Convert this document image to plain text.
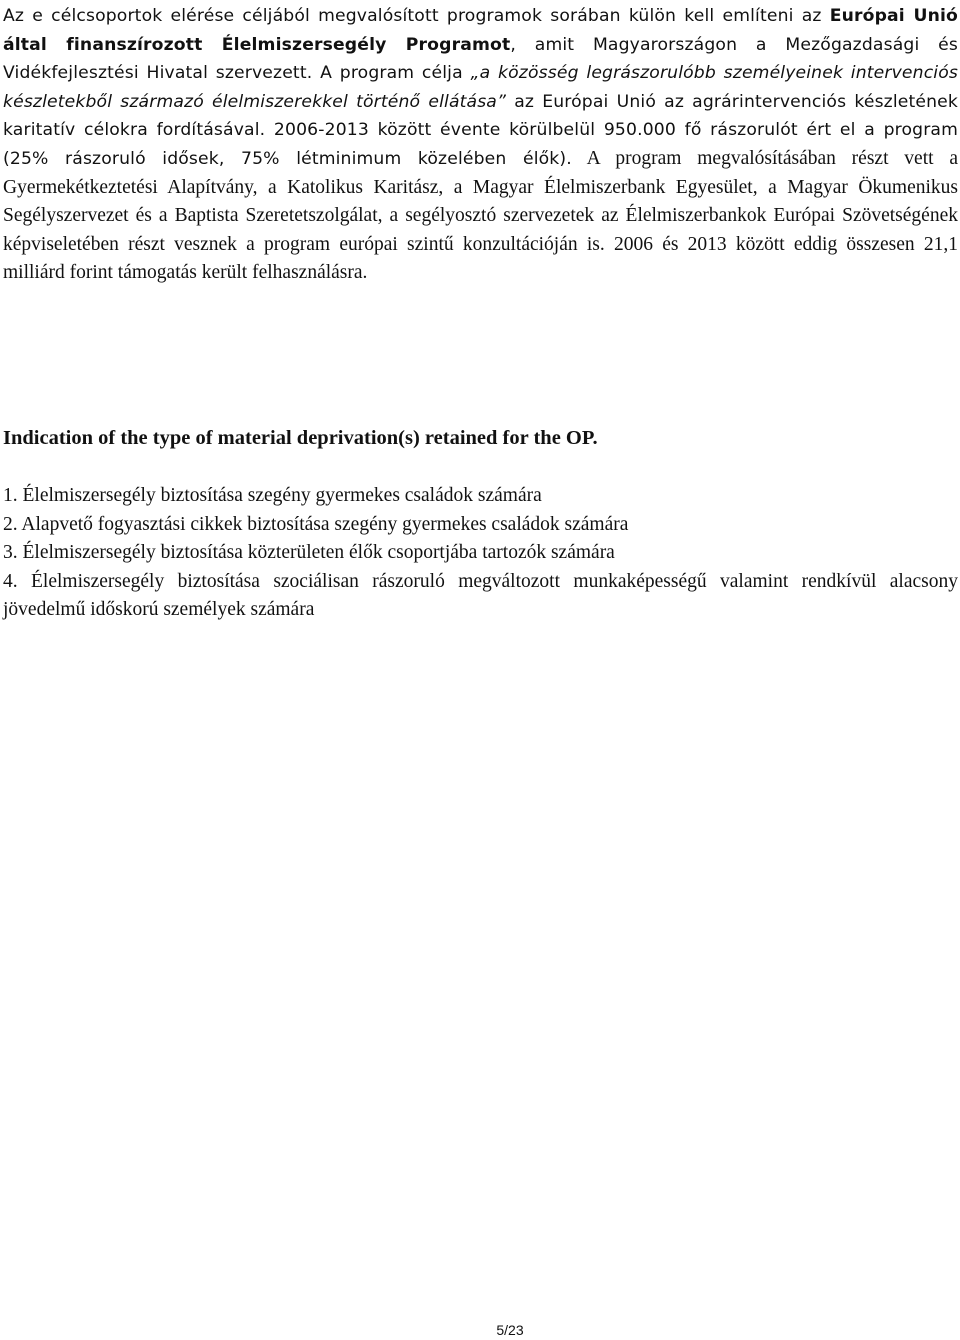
Az e célcsoportok elérése céljából megvalósított programok sorában külön kell említeni az Európai Unió által finanszírozott Élelmiszersegély Programot, amit Magyarországon a Mezőgazdasági és Vidékfejlesztési Hivatal szervezett. A program célja „a közösség legrászorulóbb személyeinek intervenciós készletekből származó élelmiszerekkel történő ellátása” az Európai Unió az agrárintervenciós készletének karitatív célokra fordításával. 2006-2013 között évente körülbelül 950.000 fő rászorulót ért el a program (25% rászoruló idősek, 75% létminimum közelében élők). A program megvalósításában részt vett a Gyermekétkeztetési Alapítvány, a Katolikus Karitász, a Magyar Élelmiszerbank Egyesület, a Magyar Ökumenikus Segélyszervezet és a Baptista Szeretetszolgálat, a segélyosztó szervezetek az Élelmiszerbankok Európai Szövetségének képviseletében részt vesznek a program európai szintű konzultációján is. 2006 és 2013 között eddig összesen 21,1 milliárd forint támogatás került felhasználásra.

Indication of the type of material deprivation(s) retained for the OP.
1. Élelmiszersegély biztosítása szegény gyermekes családok számára
2. Alapvető fogyasztási cikkek biztosítása szegény gyermekes családok számára
3. Élelmiszersegély biztosítása közterületen élők csoportjába tartozók számára
4. Élelmiszersegély biztosítása szociálisan rászoruló megváltozott munkaképességű valamint rendkívül alacsony jövedelmű időskorú személyek számára
5/23
